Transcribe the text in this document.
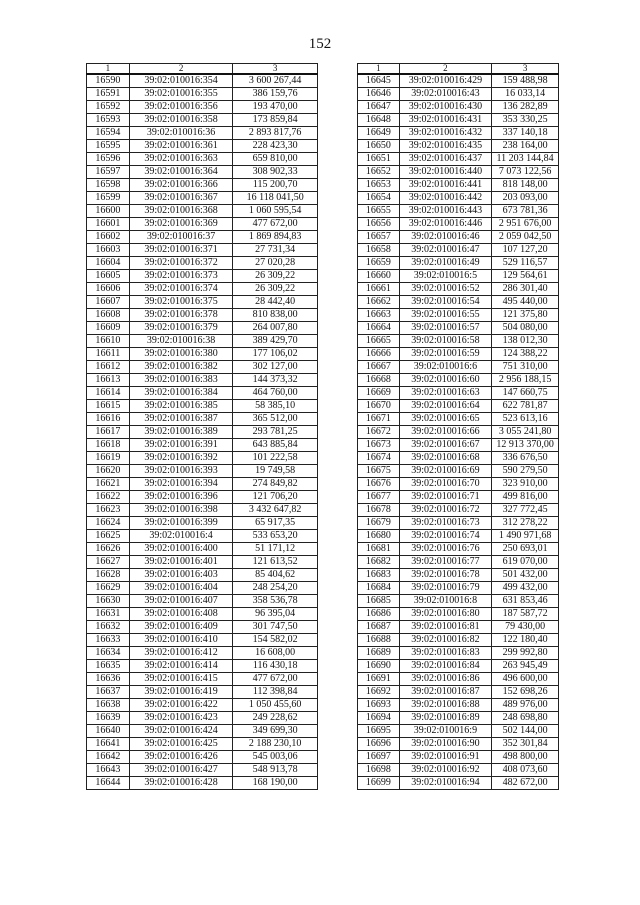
152
1	2	3
16590	39:02:010016:354	3 600 267,44
16591	39:02:010016:355	386 159,76
16592	39:02:010016:356	193 470,00
16593	39:02:010016:358	173 859,84
16594	39:02:010016:36	2 893 817,76
16595	39:02:010016:361	228 423,30
16596	39:02:010016:363	659 810,00
16597	39:02:010016:364	308 902,33
16598	39:02:010016:366	115 200,70
16599	39:02:010016:367	16 118 041,50
16600	39:02:010016:368	1 060 595,54
16601	39:02:010016:369	477 672,00
16602	39:02:010016:37	1 869 894,83
16603	39:02:010016:371	27 731,34
16604	39:02:010016:372	27 020,28
16605	39:02:010016:373	26 309,22
16606	39:02:010016:374	26 309,22
16607	39:02:010016:375	28 442,40
16608	39:02:010016:378	810 838,00
16609	39:02:010016:379	264 007,80
16610	39:02:010016:38	389 429,70
16611	39:02:010016:380	177 106,02
16612	39:02:010016:382	302 127,00
16613	39:02:010016:383	144 373,32
16614	39:02:010016:384	464 760,00
16615	39:02:010016:385	58 385,10
16616	39:02:010016:387	365 512,00
16617	39:02:010016:389	293 781,25
16618	39:02:010016:391	643 885,84
16619	39:02:010016:392	101 222,58
16620	39:02:010016:393	19 749,58
16621	39:02:010016:394	274 849,82
16622	39:02:010016:396	121 706,20
16623	39:02:010016:398	3 432 647,82
16624	39:02:010016:399	65 917,35
16625	39:02:010016:4	533 653,20
16626	39:02:010016:400	51 171,12
16627	39:02:010016:401	121 613,52
16628	39:02:010016:403	85 404,62
16629	39:02:010016:404	248 254,20
16630	39:02:010016:407	358 536,78
16631	39:02:010016:408	96 395,04
16632	39:02:010016:409	301 747,50
16633	39:02:010016:410	154 582,02
16634	39:02:010016:412	16 608,00
16635	39:02:010016:414	116 430,18
16636	39:02:010016:415	477 672,00
16637	39:02:010016:419	112 398,84
16638	39:02:010016:422	1 050 455,60
16639	39:02:010016:423	249 228,62
16640	39:02:010016:424	349 699,30
16641	39:02:010016:425	2 188 230,10
16642	39:02:010016:426	545 003,06
16643	39:02:010016:427	548 913,78
16644	39:02:010016:428	168 190,00
1	2	3
16645	39:02:010016:429	159 488,98
16646	39:02:010016:43	16 033,14
16647	39:02:010016:430	136 282,89
16648	39:02:010016:431	353 330,25
16649	39:02:010016:432	337 140,18
16650	39:02:010016:435	238 164,00
16651	39:02:010016:437	11 203 144,84
16652	39:02:010016:440	7 073 122,56
16653	39:02:010016:441	818 148,00
16654	39:02:010016:442	203 093,00
16655	39:02:010016:443	673 781,36
16656	39:02:010016:446	2 951 676,00
16657	39:02:010016:46	2 059 042,50
16658	39:02:010016:47	107 127,20
16659	39:02:010016:49	529 116,57
16660	39:02:010016:5	129 564,61
16661	39:02:010016:52	286 301,40
16662	39:02:010016:54	495 440,00
16663	39:02:010016:55	121 375,80
16664	39:02:010016:57	504 080,00
16665	39:02:010016:58	138 012,30
16666	39:02:010016:59	124 388,22
16667	39:02:010016:6	751 310,00
16668	39:02:010016:60	2 956 188,15
16669	39:02:010016:63	147 660,75
16670	39:02:010016:64	622 781,87
16671	39:02:010016:65	523 613,16
16672	39:02:010016:66	3 055 241,80
16673	39:02:010016:67	12 913 370,00
16674	39:02:010016:68	336 676,50
16675	39:02:010016:69	590 279,50
16676	39:02:010016:70	323 910,00
16677	39:02:010016:71	499 816,00
16678	39:02:010016:72	327 772,45
16679	39:02:010016:73	312 278,22
16680	39:02:010016:74	1 490 971,68
16681	39:02:010016:76	250 693,01
16682	39:02:010016:77	619 070,00
16683	39:02:010016:78	501 432,00
16684	39:02:010016:79	499 432,00
16685	39:02:010016:8	631 853,46
16686	39:02:010016:80	187 587,72
16687	39:02:010016:81	79 430,00
16688	39:02:010016:82	122 180,40
16689	39:02:010016:83	299 992,80
16690	39:02:010016:84	263 945,49
16691	39:02:010016:86	496 600,00
16692	39:02:010016:87	152 698,26
16693	39:02:010016:88	489 976,00
16694	39:02:010016:89	248 698,80
16695	39:02:010016:9	502 144,00
16696	39:02:010016:90	352 301,84
16697	39:02:010016:91	498 800,00
16698	39:02:010016:92	408 073,60
16699	39:02:010016:94	482 672,00
